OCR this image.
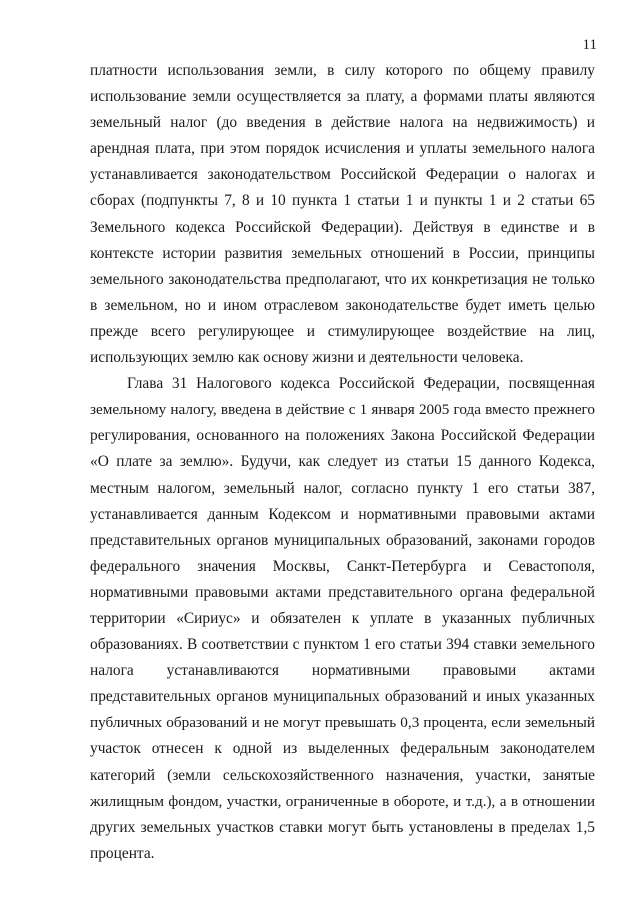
11
платности использования земли, в силу которого по общему правилу
использование земли осуществляется за плату, а формами платы являются
земельный налог (до введения в действие налога на недвижимость) и
арендная плата, при этом порядок исчисления и уплаты земельного налога
устанавливается законодательством Российской Федерации о налогах и
сборах (подпункты 7, 8 и 10 пункта 1 статьи 1 и пункты 1 и 2 статьи 65
Земельного кодекса Российской Федерации). Действуя в единстве и в
контексте истории развития земельных отношений в России, принципы
земельного законодательства предполагают, что их конкретизация не только
в земельном, но и ином отраслевом законодательстве будет иметь целью
прежде всего регулирующее и стимулирующее воздействие на лиц,
использующих землю как основу жизни и деятельности человека.
Глава 31 Налогового кодекса Российской Федерации, посвященная
земельному налогу, введена в действие с 1 января 2005 года вместо прежнего
регулирования, основанного на положениях Закона Российской Федерации
«О плате за землю». Будучи, как следует из статьи 15 данного Кодекса,
местным налогом, земельный налог, согласно пункту 1 его статьи 387,
устанавливается данным Кодексом и нормативными правовыми актами
представительных органов муниципальных образований, законами городов
федерального значения Москвы, Санкт-Петербурга и Севастополя,
нормативными правовыми актами представительного органа федеральной
территории «Сириус» и обязателен к уплате в указанных публичных
образованиях. В соответствии с пунктом 1 его статьи 394 ставки земельного
налога устанавливаются нормативными правовыми актами
представительных органов муниципальных образований и иных указанных
публичных образований и не могут превышать 0,3 процента, если земельный
участок отнесен к одной из выделенных федеральным законодателем
категорий (земли сельскохозяйственного назначения, участки, занятые
жилищным фондом, участки, ограниченные в обороте, и т.д.), а в отношении
других земельных участков ставки могут быть установлены в пределах 1,5
процента.
